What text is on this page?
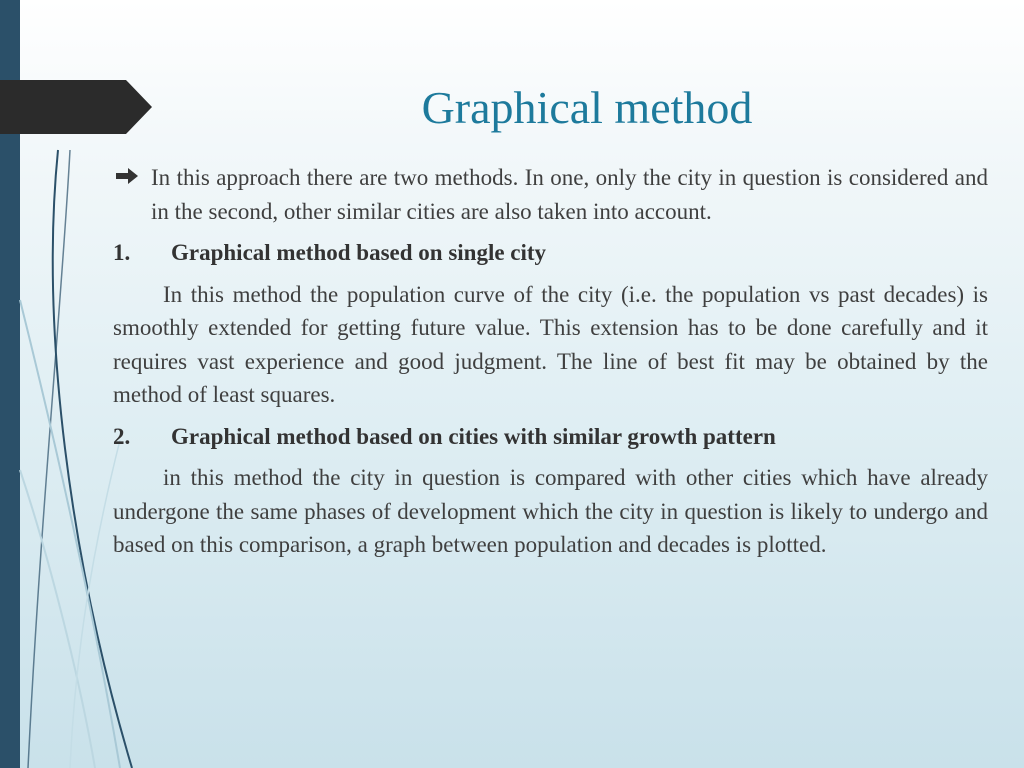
Graphical method
In this approach there are two methods. In one, only the city in question is considered and in the second, other similar cities are also taken into account.
1.	Graphical method based on single city

In this method the population curve of the city (i.e. the population vs past decades) is smoothly extended for getting future value. This extension has to be done carefully and it requires vast experience and good judgment. The line of best fit may be obtained by the method of least squares.

2.	Graphical method based on cities with similar growth pattern

in this method the city in question is compared with other cities which have already undergone the same phases of development which the city in question is likely to undergo and based on this comparison, a graph between population and decades is plotted.
